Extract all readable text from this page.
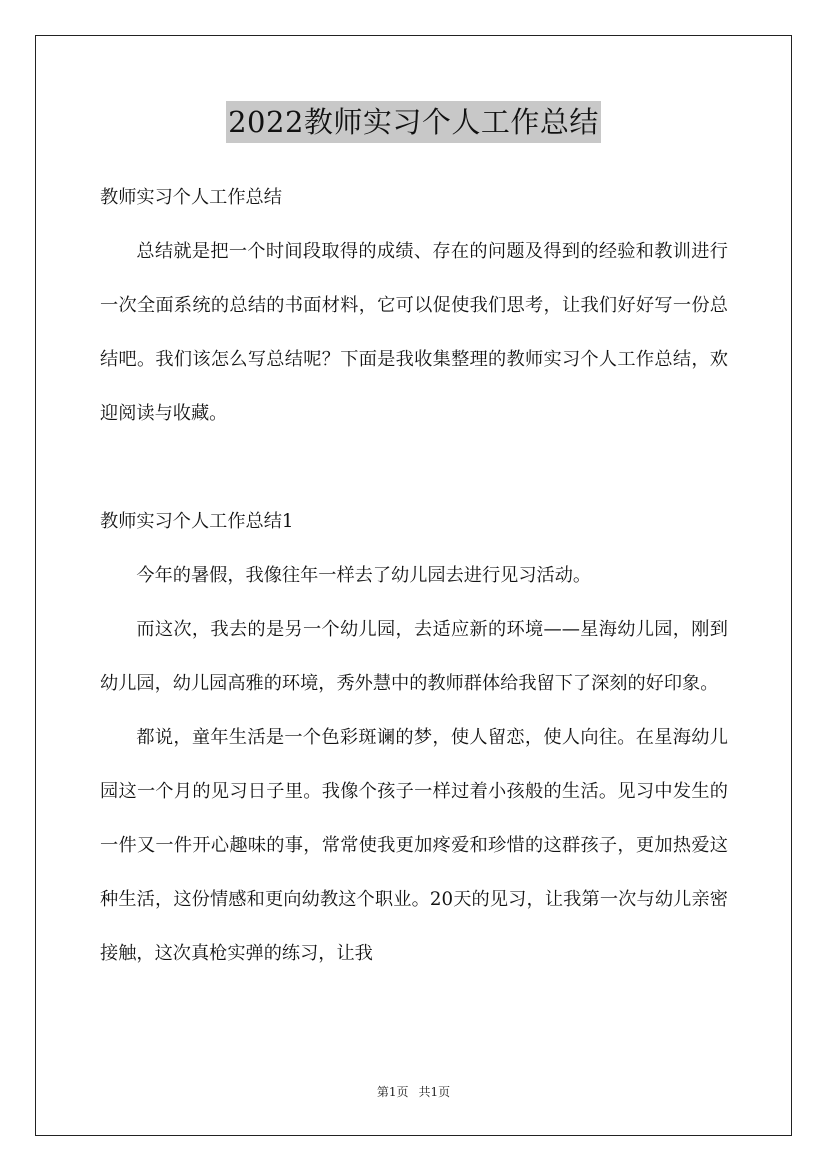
2022教师实习个人工作总结

教师实习个人工作总结

总结就是把一个时间段取得的成绩、存在的问题及得到的经验和教训进行一次全面系统的总结的书面材料，它可以促使我们思考，让我们好好写一份总结吧。我们该怎么写总结呢？下面是我收集整理的教师实习个人工作总结，欢迎阅读与收藏。

教师实习个人工作总结1

今年的暑假，我像往年一样去了幼儿园去进行见习活动。

而这次，我去的是另一个幼儿园，去适应新的环境——星海幼儿园，刚到幼儿园，幼儿园高雅的环境，秀外慧中的教师群体给我留下了深刻的好印象。

都说，童年生活是一个色彩斑谰的梦，使人留恋，使人向往。在星海幼儿园这一个月的见习日子里。我像个孩子一样过着小孩般的生活。见习中发生的一件又一件开心趣味的事，常常使我更加疼爱和珍惜的这群孩子，更加热爱这种生活，这份情感和更向幼教这个职业。20天的见习，让我第一次与幼儿亲密接触，这次真枪实弹的练习，让我

第1页 共1页
